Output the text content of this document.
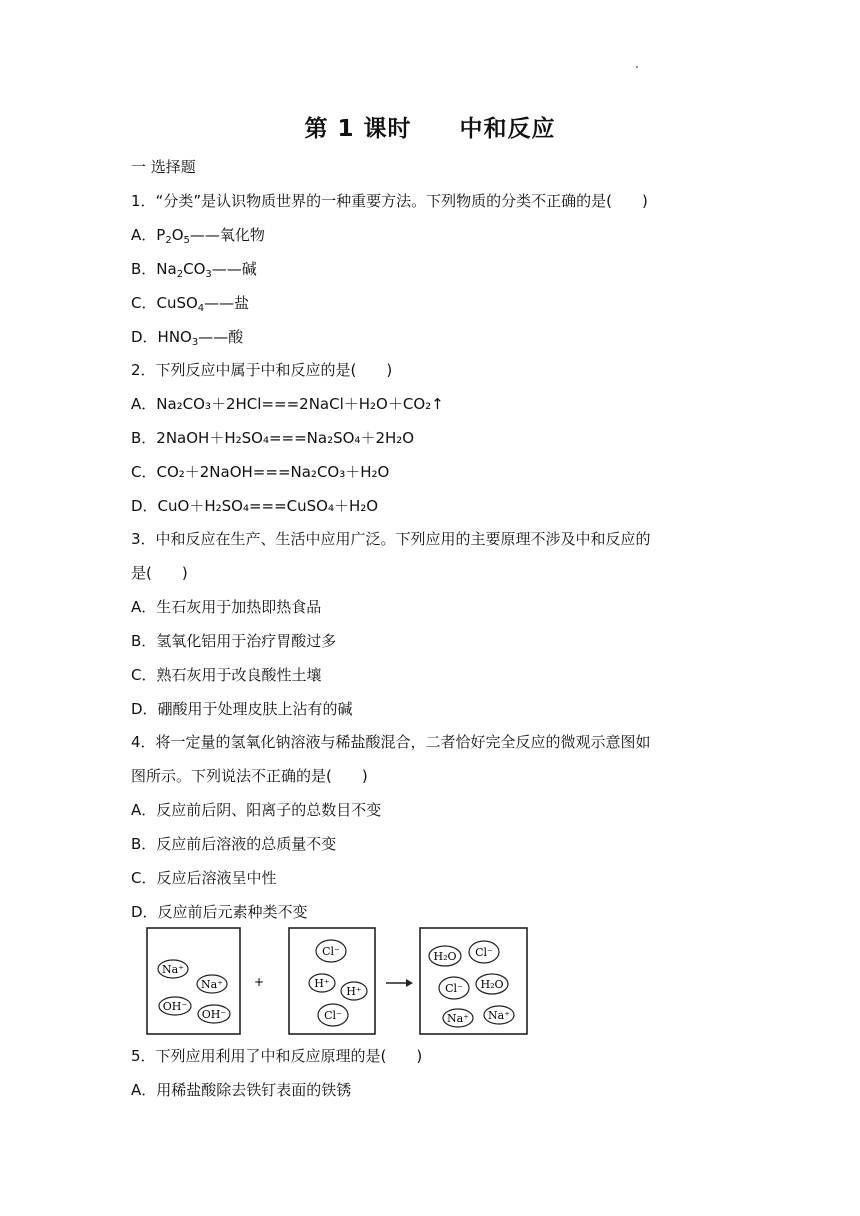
第 1 课时　　中和反应
一 选择题
1．“分类”是认识物质世界的一种重要方法。下列物质的分类不正确的是(　　)
A．$P_2O_5——$氧化物
B．$Na_2CO_3——$碱
C．CuSO$_4$——盐
D．$HNO_3——$酸
2．下列反应中属于中和反应的是(　　)
A．Na₂CO₃＋2HCl===2NaCl＋H₂O＋CO₂↑
B．2NaOH＋H₂SO₄===Na₂SO₄＋2H₂O
C．CO₂＋2NaOH===Na₂CO₃＋H₂O
D．CuO＋H₂SO₄===CuSO₄＋H₂O
3．中和反应在生产、生活中应用广泛。下列应用的主要原理不涉及中和反应的
是(　　)
A．生石灰用于加热即热食品
B．氢氧化铝用于治疗胃酸过多
C．熟石灰用于改良酸性土壤
D．硼酸用于处理皮肤上沾有的碱
4．将一定量的氢氧化钠溶液与稀盐酸混合，二者恰好完全反应的微观示意图如
图所示。下列说法不正确的是(　　)
A．反应前后阴、阳离子的总数目不变
B．反应前后溶液的总质量不变
C．反应后溶液呈中性
D．反应前后元素种类不变
Na⁺
Na⁺
OH⁻
OH⁻
+
Cl⁻
H⁺
H⁺
Cl⁻
H₂O Cl⁻
Cl⁻ H₂O
Na⁺ Na⁺
5．下列应用利用了中和反应原理的是(　　)
A．用稀盐酸除去铁钉表面的铁锈
